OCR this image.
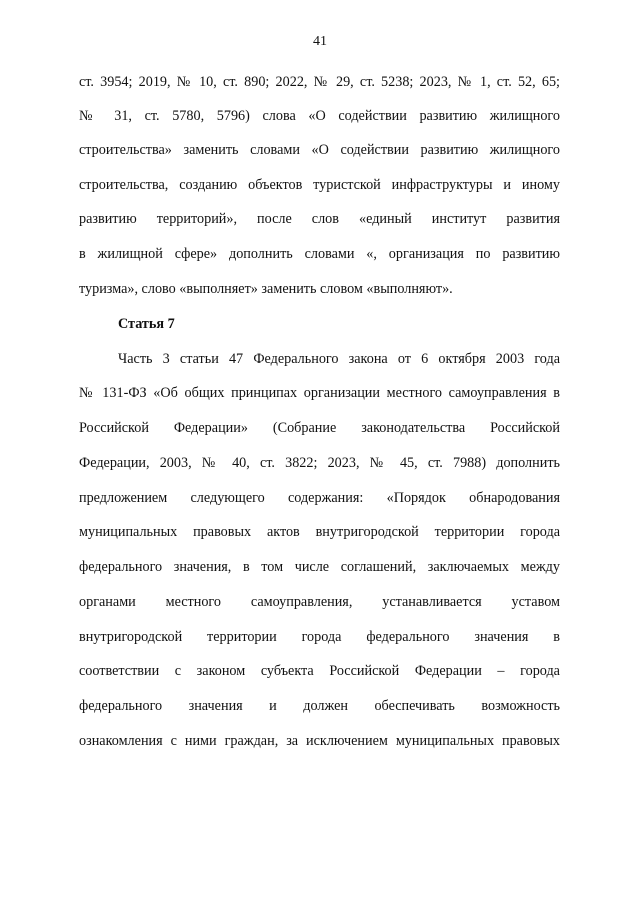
41
ст. 3954; 2019, № 10, ст. 890; 2022, № 29, ст. 5238; 2023, № 1, ст. 52, 65;
№ 31, ст. 5780, 5796) слова «О содействии развитию жилищного
строительства» заменить словами «О содействии развитию жилищного
строительства, созданию объектов туристской инфраструктуры и иному
развитию территорий», после слов «единый институт развития
в жилищной сфере» дополнить словами «, организация по развитию
туризма», слово «выполняет» заменить словом «выполняют».
Статья 7
Часть 3 статьи 47 Федерального закона от 6 октября 2003 года
№ 131-ФЗ «Об общих принципах организации местного самоуправления в
Российской Федерации» (Собрание законодательства Российской
Федерации, 2003, № 40, ст. 3822; 2023, № 45, ст. 7988) дополнить
предложением следующего содержания: «Порядок обнародования
муниципальных правовых актов внутригородской территории города
федерального значения, в том числе соглашений, заключаемых между
органами местного самоуправления, устанавливается уставом
внутригородской территории города федерального значения в
соответствии с законом субъекта Российской Федерации – города
федерального значения и должен обеспечивать возможность
ознакомления с ними граждан, за исключением муниципальных правовых
